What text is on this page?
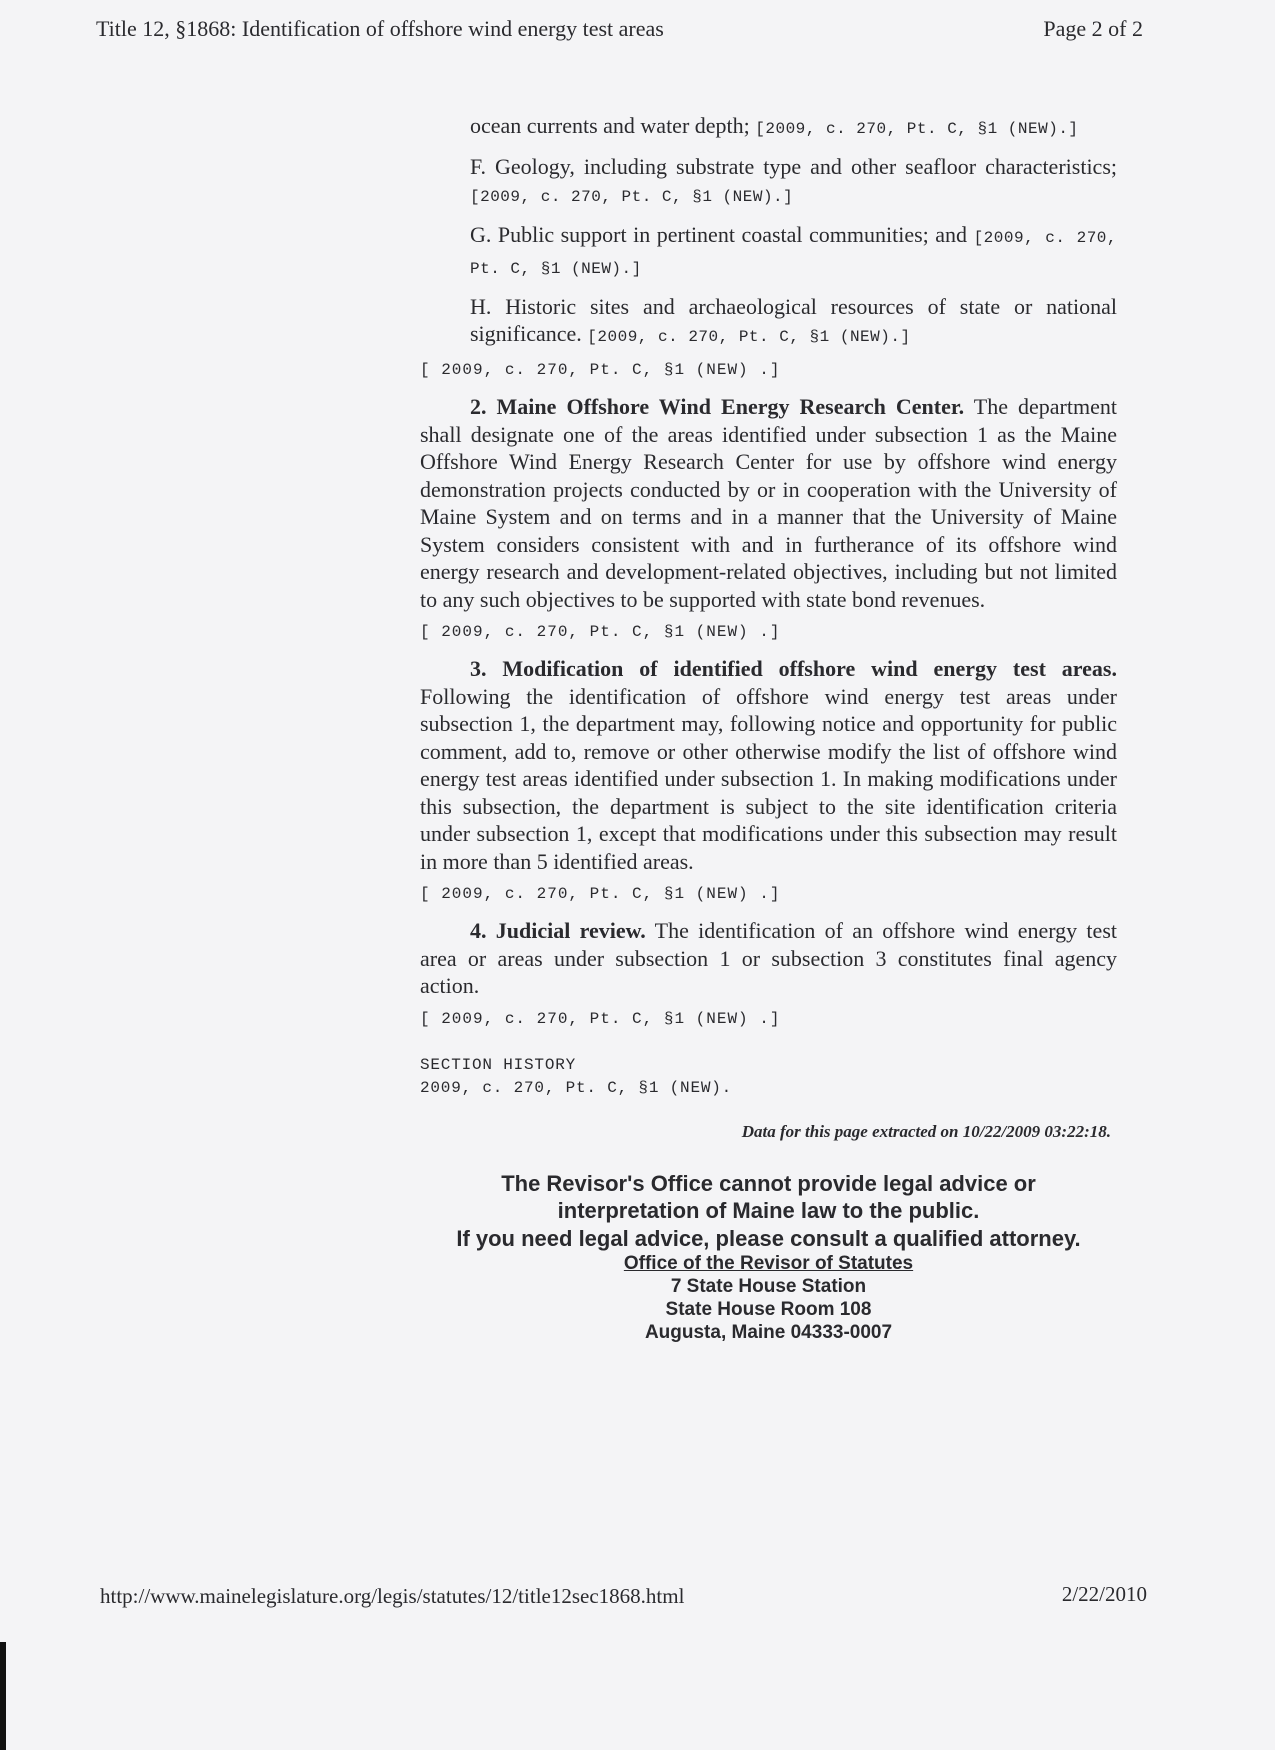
Title 12, §1868: Identification of offshore wind energy test areas	Page 2 of 2
ocean currents and water depth; [2009, c. 270, Pt. C, §1 (NEW).]
F. Geology, including substrate type and other seafloor characteristics; [2009, c. 270, Pt. C, §1 (NEW).]
G. Public support in pertinent coastal communities; and [2009, c. 270, Pt. C, §1 (NEW).]
H. Historic sites and archaeological resources of state or national significance. [2009, c. 270, Pt. C, §1 (NEW).]
[ 2009, c. 270, Pt. C, §1 (NEW) .]

2. Maine Offshore Wind Energy Research Center. The department shall designate one of the areas identified under subsection 1 as the Maine Offshore Wind Energy Research Center for use by offshore wind energy demonstration projects conducted by or in cooperation with the University of Maine System and on terms and in a manner that the University of Maine System considers consistent with and in furtherance of its offshore wind energy research and development-related objectives, including but not limited to any such objectives to be supported with state bond revenues.

[ 2009, c. 270, Pt. C, §1 (NEW) .]

3. Modification of identified offshore wind energy test areas. Following the identification of offshore wind energy test areas under subsection 1, the department may, following notice and opportunity for public comment, add to, remove or other otherwise modify the list of offshore wind energy test areas identified under subsection 1. In making modifications under this subsection, the department is subject to the site identification criteria under subsection 1, except that modifications under this subsection may result in more than 5 identified areas.

[ 2009, c. 270, Pt. C, §1 (NEW) .]

4. Judicial review. The identification of an offshore wind energy test area or areas under subsection 1 or subsection 3 constitutes final agency action.

[ 2009, c. 270, Pt. C, §1 (NEW) .]
SECTION HISTORY
2009, c. 270, Pt. C, §1 (NEW).
Data for this page extracted on 10/22/2009 03:22:18.
The Revisor's Office cannot provide legal advice or
interpretation of Maine law to the public.
If you need legal advice, please consult a qualified attorney.
Office of the Revisor of Statutes
7 State House Station
State House Room 108
Augusta, Maine 04333-0007
http://www.mainelegislature.org/legis/statutes/12/title12sec1868.html	2/22/2010
